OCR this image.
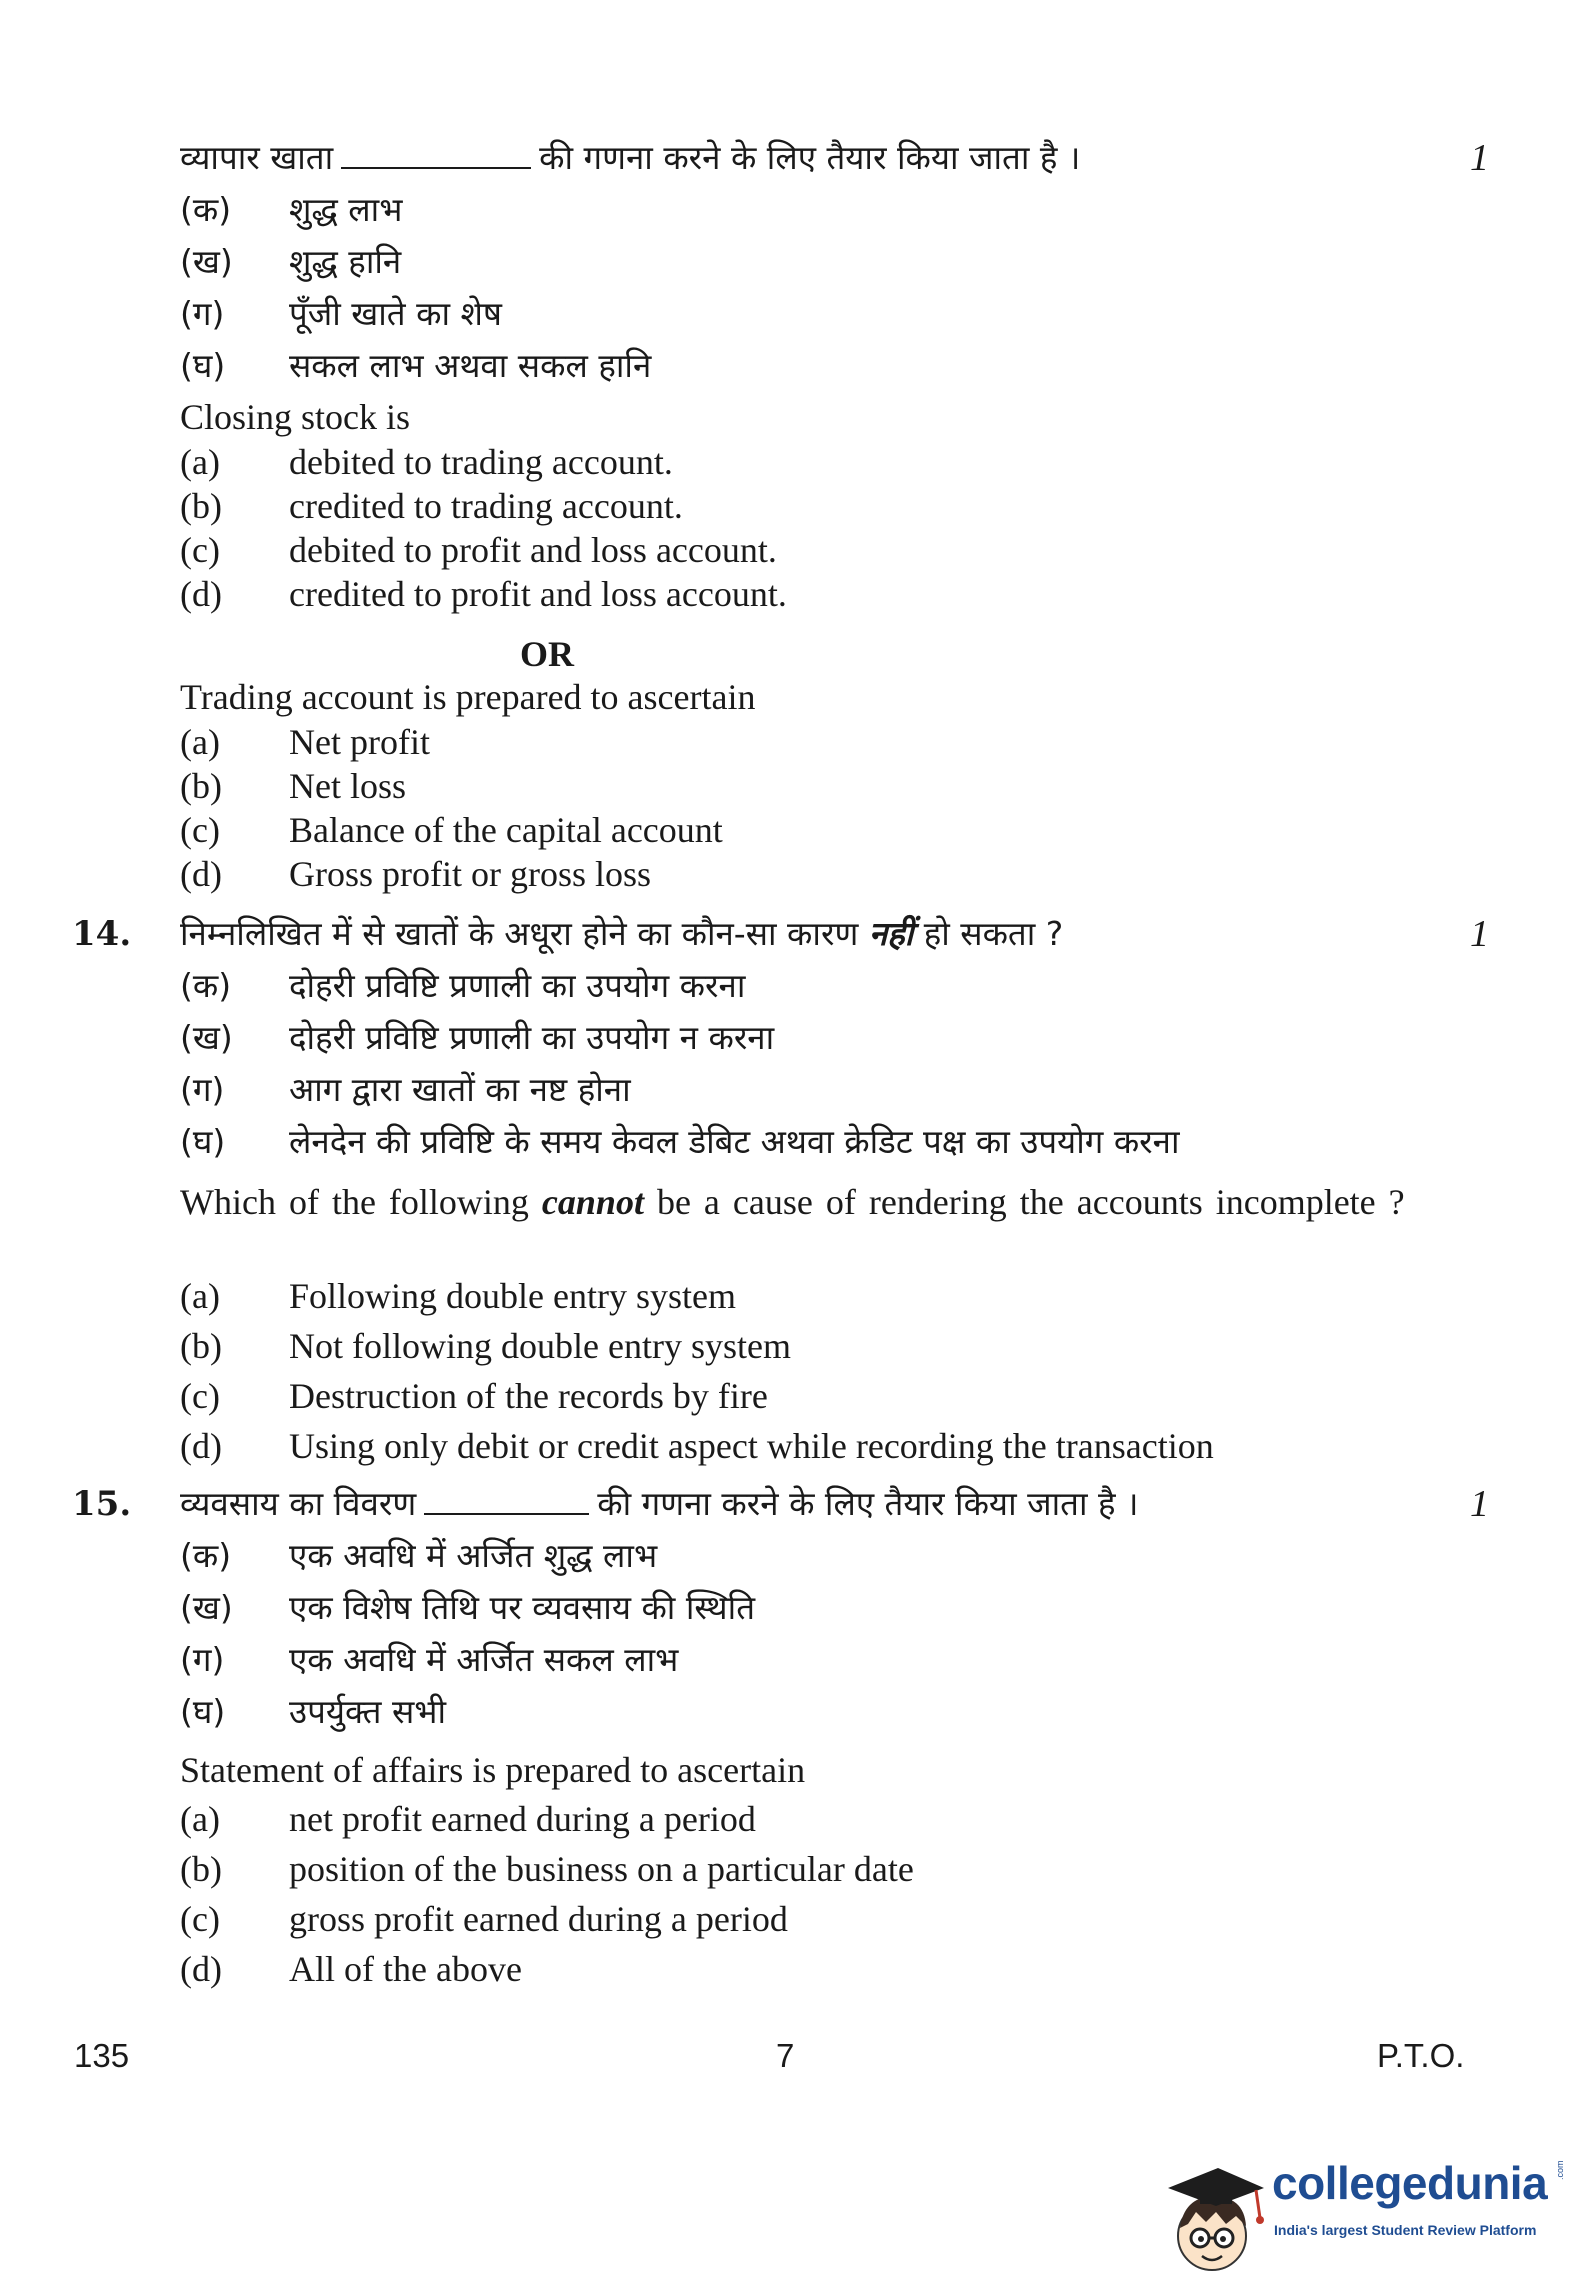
व्यापार खाता	की गणना करने के लिए तैयार किया जाता है ।	1
(क) शुद्ध लाभ
(ख) शुद्ध हानि
(ग) पूँजी खाते का शेष
(घ) सकल लाभ अथवा सकल हानि
Closing stock is
(a) debited to trading account.
(b) credited to trading account.
(c) debited to profit and loss account.
(d) credited to profit and loss account.
OR
Trading account is prepared to ascertain
(a) Net profit
(b) Net loss
(c) Balance of the capital account
(d) Gross profit or gross loss
14. निम्नलिखित में से खातों के अधूरा होने का कौन-सा कारण नहीं हो सकता ?	1
(क) दोहरी प्रविष्टि प्रणाली का उपयोग करना
(ख) दोहरी प्रविष्टि प्रणाली का उपयोग न करना
(ग) आग द्वारा खातों का नष्ट होना
(घ) लेनदेन की प्रविष्टि के समय केवल डेबिट अथवा क्रेडिट पक्ष का उपयोग करना
Which of the following cannot be a cause of rendering the accounts incomplete ?
(a) Following double entry system
(b) Not following double entry system
(c) Destruction of the records by fire
(d) Using only debit or credit aspect while recording the transaction
15. व्यवसाय का विवरण	की गणना करने के लिए तैयार किया जाता है ।	1
(क) एक अवधि में अर्जित शुद्ध लाभ
(ख) एक विशेष तिथि पर व्यवसाय की स्थिति
(ग) एक अवधि में अर्जित सकल लाभ
(घ) उपर्युक्त सभी
Statement of affairs is prepared to ascertain
(a) net profit earned during a period
(b) position of the business on a particular date
(c) gross profit earned during a period
(d) All of the above
135	7	P.T.O.
collegedunia .com
India's largest Student Review Platform
